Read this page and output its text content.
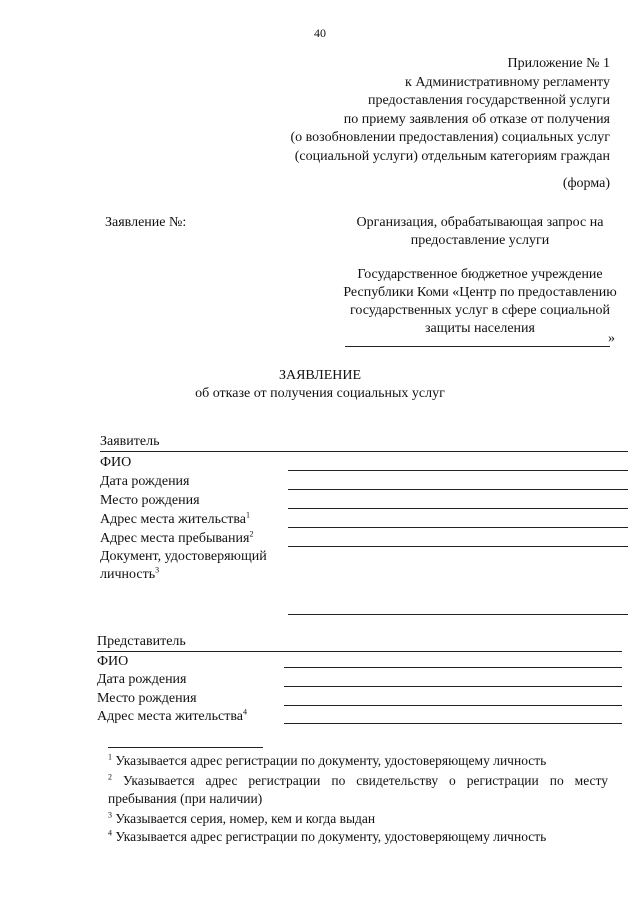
40
Приложение № 1
к Административному регламенту
предоставления государственной услуги
по приему заявления об отказе от получения
(о возобновлении предоставления) социальных услуг
(социальной услуги) отдельным категориям граждан
(форма)
Заявление №:	Организация, обрабатывающая запрос на предоставление услуги
Государственное бюджетное учреждение Республики Коми «Центр по предоставлению государственных услуг в сфере социальной защиты населения
»
ЗАЯВЛЕНИЕ
об отказе от получения социальных услуг
Заявитель
ФИО
Дата рождения
Место рождения
Адрес места жительства$^1$
Адрес места пребывания$^2$
Документ, удостоверяющий
личность$^3$
Представитель
ФИО
Дата рождения
Место рождения
Адрес места жительства$^4$
$^1$ Указывается адрес регистрации по документу, удостоверяющему личность
$^2$ Указывается адрес регистрации по свидетельству о регистрации по месту пребывания (при наличии)
$^3$ Указывается серия, номер, кем и когда выдан
$^4$ Указывается адрес регистрации по документу, удостоверяющему личность
